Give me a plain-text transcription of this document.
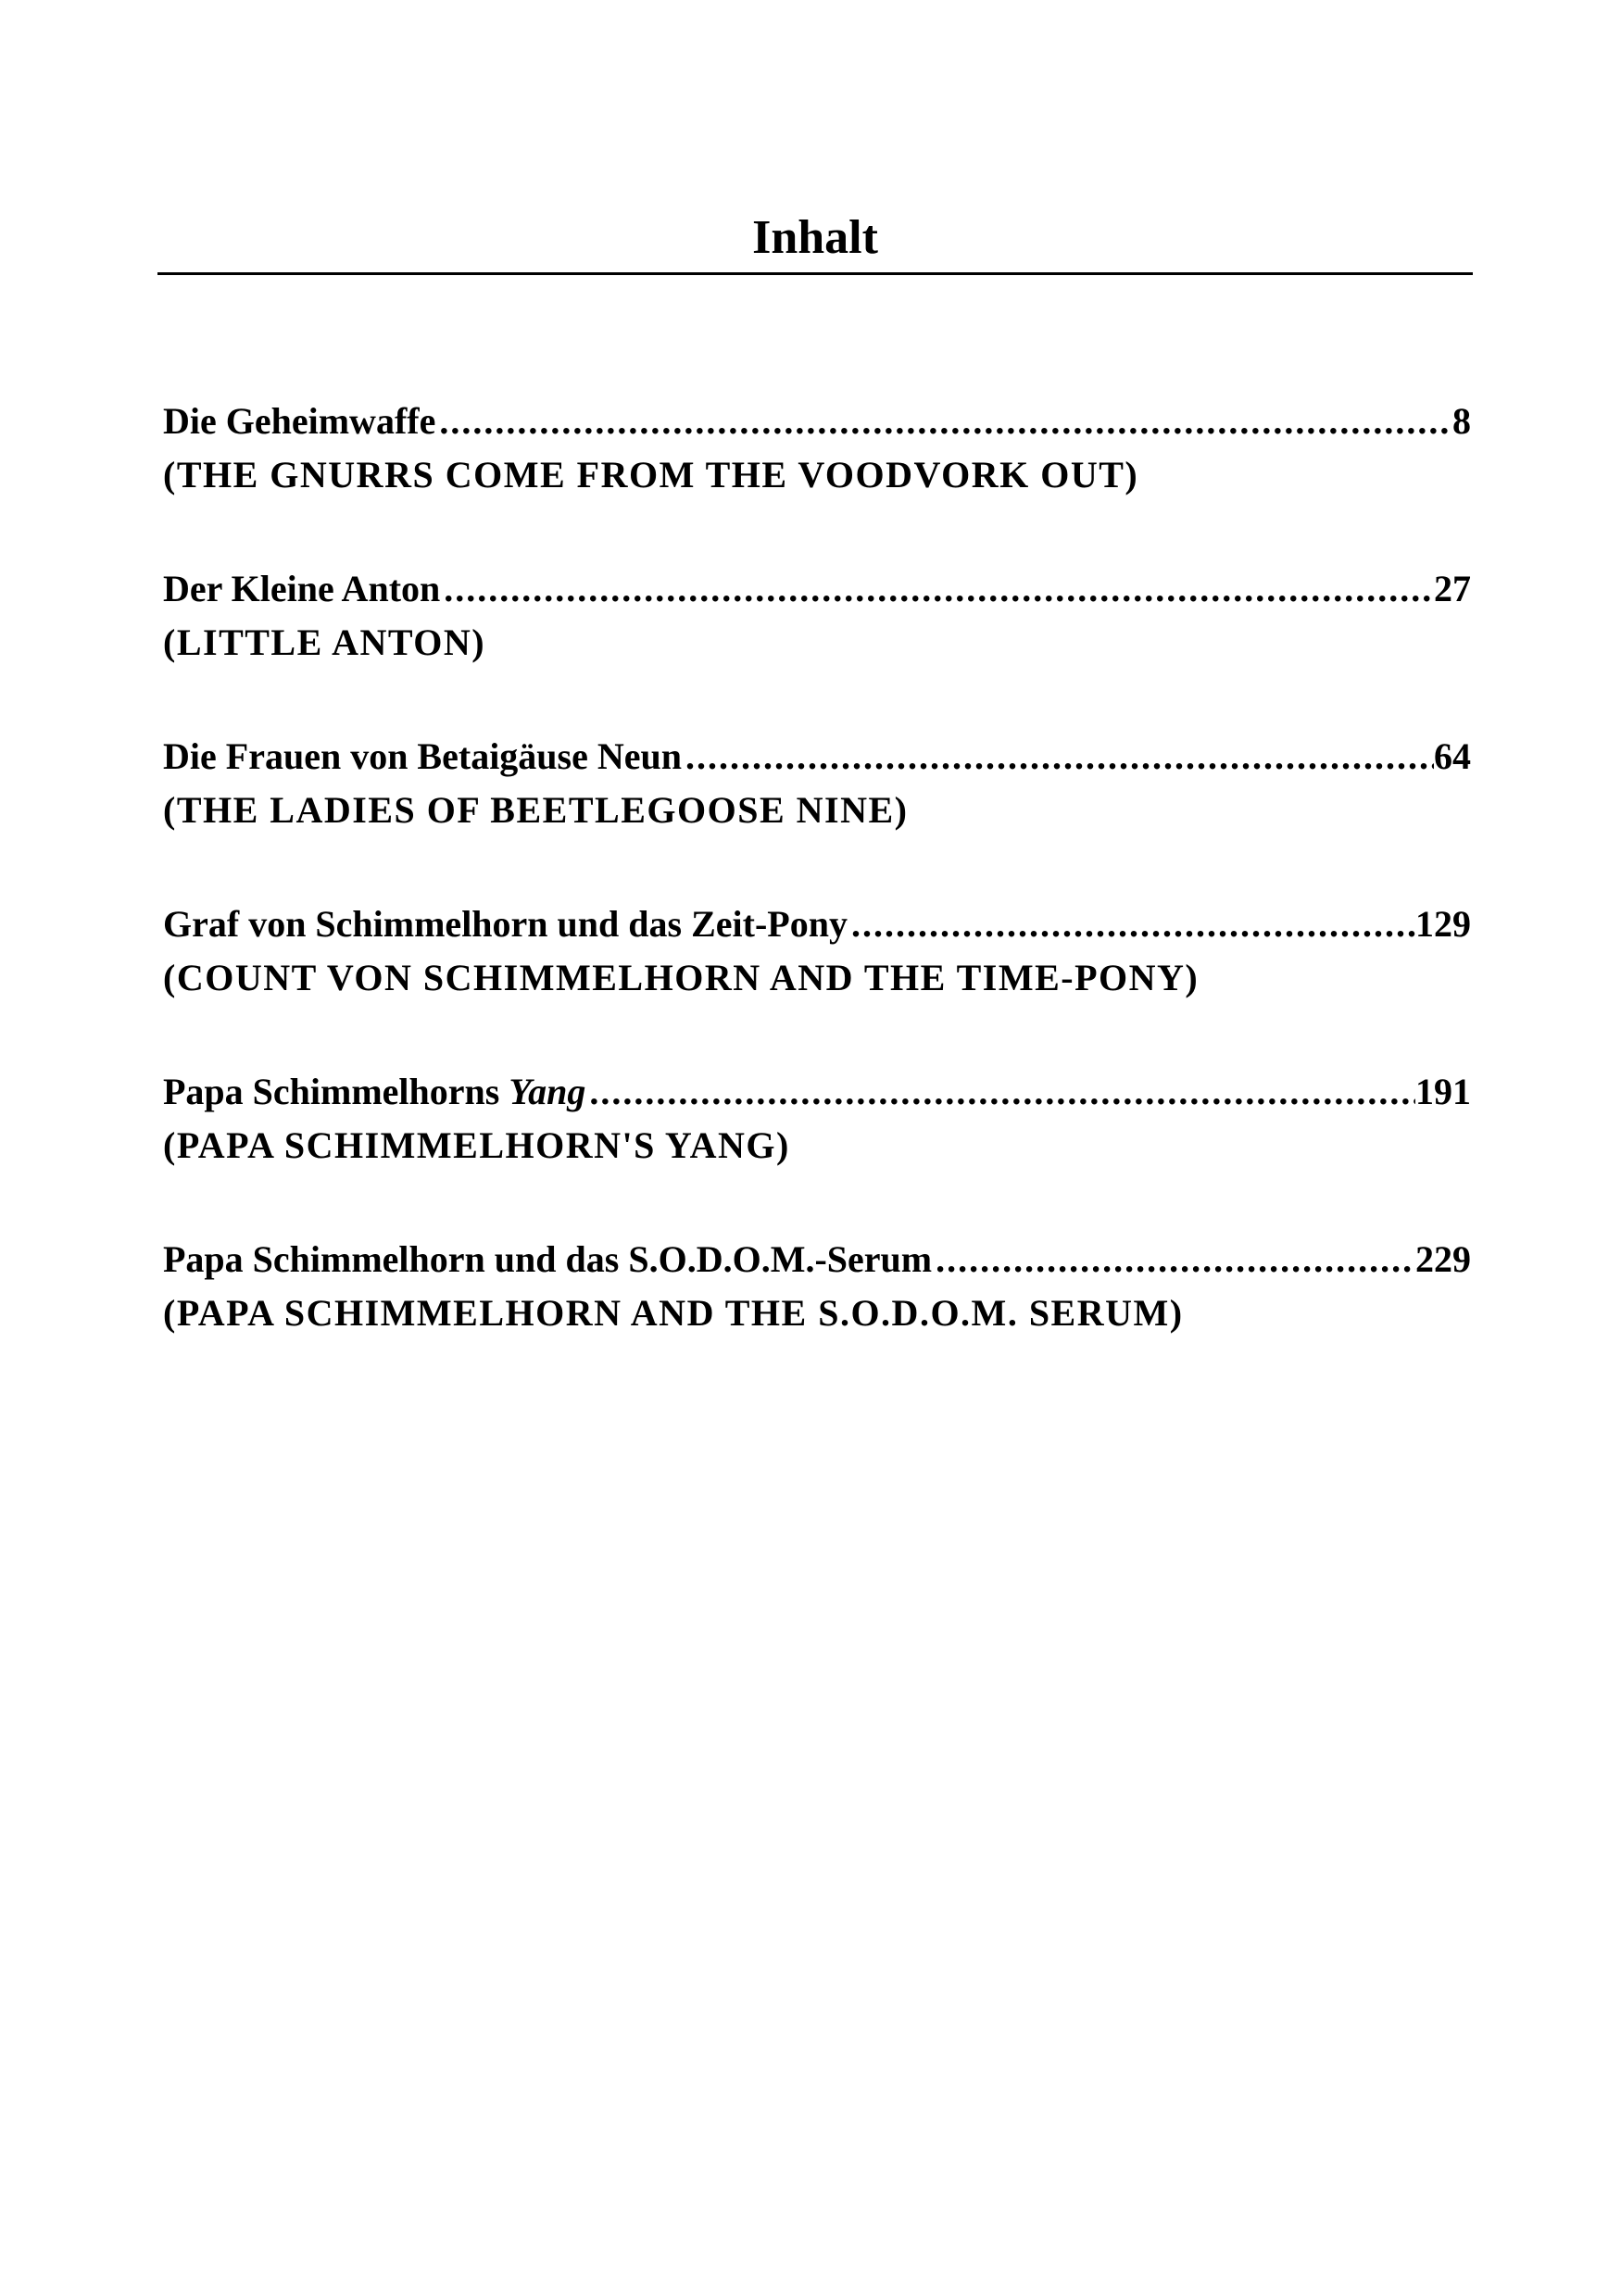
Inhalt
Die Geheimwaffe .....	8
(THE GNURRS COME FROM THE VOODVORK OUT)
Der Kleine Anton .....	27
(LITTLE ANTON)
Die Frauen von Betaigäuse Neun .....	64
(THE LADIES OF BEETLEGOOSE NINE)
Graf von Schimmelhorn und das Zeit-Pony .....	129
(COUNT VON SCHIMMELHORN AND THE TIME-PONY)
Papa Schimmelhorns Yang .....	191
(PAPA SCHIMMELHORN'S YANG)
Papa Schimmelhorn und das S.O.D.O.M.-Serum .....	229
(PAPA SCHIMMELHORN AND THE S.O.D.O.M. SERUM)
